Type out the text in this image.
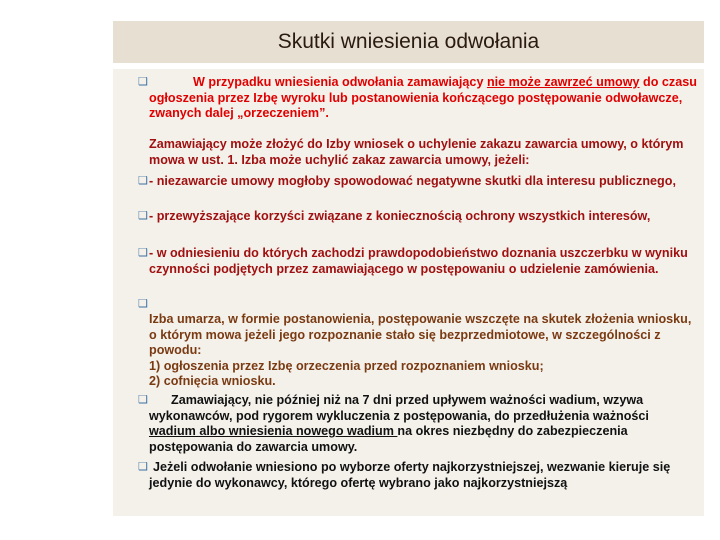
Skutki wniesienia odwołania
❑	W przypadku wniesienia odwołania zamawiający nie może zawrzeć umowy do czasu ogłoszenia przez Izbę wyroku lub postanowienia kończącego postępowanie odwoławcze, zwanych dalej „orzeczeniem”.
Zamawiający może złożyć do Izby wniosek o uchylenie zakazu zawarcia umowy, o którym mowa w ust. 1. Izba może uchylić zakaz zawarcia umowy, jeżeli:
❑ - niezawarcie umowy mogłoby spowodować negatywne skutki dla interesu publicznego,
❑ - przewyższające korzyści związane z koniecznością ochrony wszystkich interesów,
❑ - w odniesieniu do których zachodzi prawdopodobieństwo doznania uszczerbku w wyniku czynności podjętych przez zamawiającego w postępowaniu o udzielenie zamówienia.
❑
Izba umarza, w formie postanowienia, postępowanie wszczęte na skutek złożenia wniosku, o którym mowa jeżeli jego rozpoznanie stało się bezprzedmiotowe, w szczególności z powodu:
1) ogłoszenia przez Izbę orzeczenia przed rozpoznaniem wniosku;
2) cofnięcia wniosku.
❑	Zamawiający, nie później niż na 7 dni przed upływem ważności wadium, wzywa wykonawców, pod rygorem wykluczenia z postępowania, do przedłużenia ważności wadium albo wniesienia nowego wadium na okres niezbędny do zabezpieczenia postępowania do zawarcia umowy.
❑ Jeżeli odwołanie wniesiono po wyborze oferty najkorzystniejszej, wezwanie kieruje się jedynie do wykonawcy, którego ofertę wybrano jako najkorzystniejszą
